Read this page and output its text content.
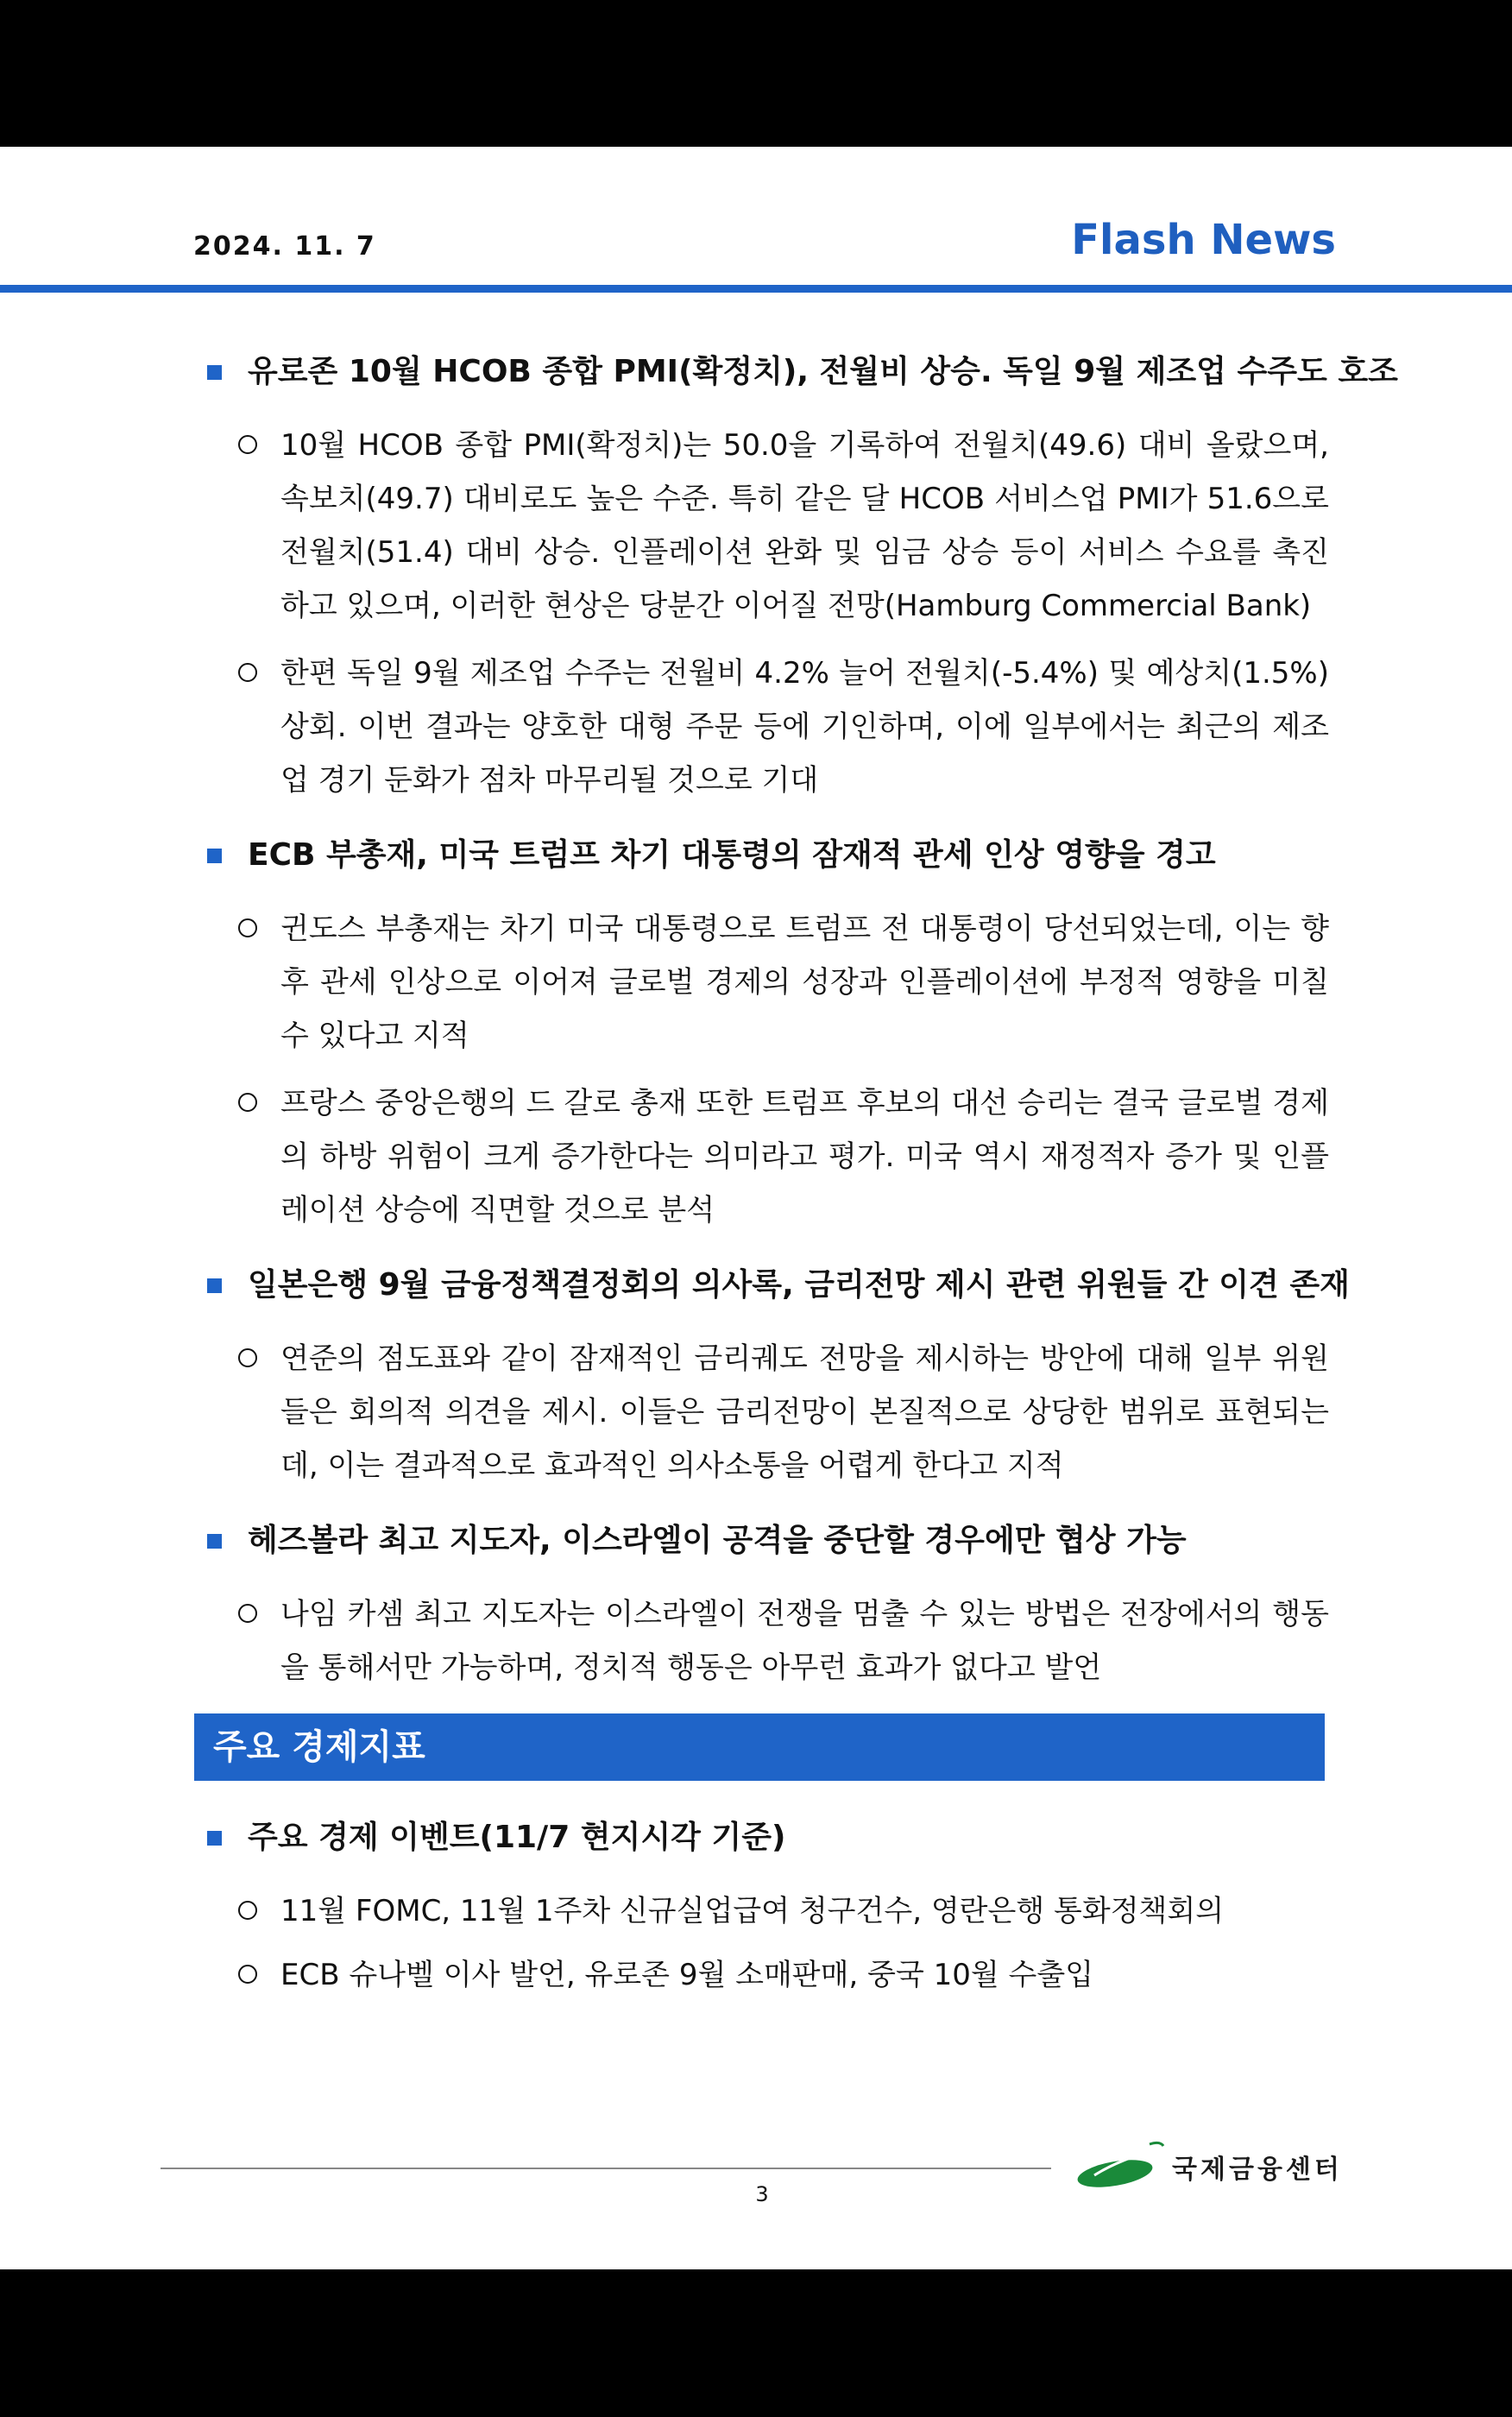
2024. 11. 7	Flash News
유로존 10월 HCOB 종합 PMI(확정치), 전월비 상승. 독일 9월 제조업 수주도 호조
10월 HCOB 종합 PMI(확정치)는 50.0을 기록하여 전월치(49.6) 대비 올랐으며, 속보치(49.7) 대비로도 높은 수준. 특히 같은 달 HCOB 서비스업 PMI가 51.6으로 전월치(51.4) 대비 상승. 인플레이션 완화 및 임금 상승 등이 서비스 수요를 촉진하고 있으며, 이러한 현상은 당분간 이어질 전망(Hamburg Commercial Bank)
한편 독일 9월 제조업 수주는 전월비 4.2% 늘어 전월치(-5.4%) 및 예상치(1.5%) 상회. 이번 결과는 양호한 대형 주문 등에 기인하며, 이에 일부에서는 최근의 제조업 경기 둔화가 점차 마무리될 것으로 기대
ECB 부총재, 미국 트럼프 차기 대통령의 잠재적 관세 인상 영향을 경고
귄도스 부총재는 차기 미국 대통령으로 트럼프 전 대통령이 당선되었는데, 이는 향후 관세 인상으로 이어져 글로벌 경제의 성장과 인플레이션에 부정적 영향을 미칠 수 있다고 지적
프랑스 중앙은행의 드 갈로 총재 또한 트럼프 후보의 대선 승리는 결국 글로벌 경제의 하방 위험이 크게 증가한다는 의미라고 평가. 미국 역시 재정적자 증가 및 인플레이션 상승에 직면할 것으로 분석
일본은행 9월 금융정책결정회의 의사록, 금리전망 제시 관련 위원들 간 이견 존재
연준의 점도표와 같이 잠재적인 금리궤도 전망을 제시하는 방안에 대해 일부 위원들은 회의적 의견을 제시. 이들은 금리전망이 본질적으로 상당한 범위로 표현되는데, 이는 결과적으로 효과적인 의사소통을 어렵게 한다고 지적
헤즈볼라 최고 지도자, 이스라엘이 공격을 중단할 경우에만 협상 가능
나임 카셈 최고 지도자는 이스라엘이 전쟁을 멈출 수 있는 방법은 전장에서의 행동을 통해서만 가능하며, 정치적 행동은 아무런 효과가 없다고 발언
주요 경제지표
주요 경제 이벤트(11/7 현지시각 기준)
11월 FOMC, 11월 1주차 신규실업급여 청구건수, 영란은행 통화정책회의
ECB 슈나벨 이사 발언, 유로존 9월 소매판매, 중국 10월 수출입
국제금융센터
3
